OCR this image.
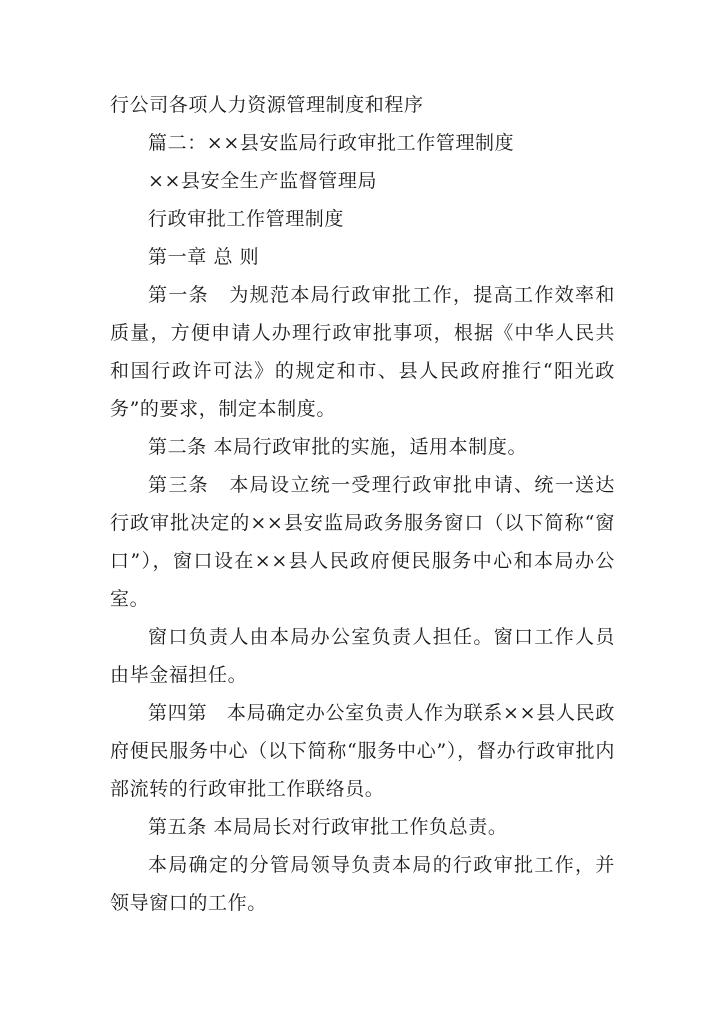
行公司各项人力资源管理制度和程序

篇二：××县安监局行政审批工作管理制度

××县安全生产监督管理局

行政审批工作管理制度

第一章 总 则

第一条　为规范本局行政审批工作，提高工作效率和质量，方便申请人办理行政审批事项，根据《中华人民共和国行政许可法》的规定和市、县人民政府推行“阳光政务”的要求，制定本制度。

第二条 本局行政审批的实施，适用本制度。

第三条　本局设立统一受理行政审批申请、统一送达行政审批决定的××县安监局政务服务窗口（以下简称“窗口”），窗口设在××县人民政府便民服务中心和本局办公室。

窗口负责人由本局办公室负责人担任。窗口工作人员由毕金福担任。

第四第　本局确定办公室负责人作为联系××县人民政府便民服务中心（以下简称“服务中心”），督办行政审批内部流转的行政审批工作联络员。

第五条 本局局长对行政审批工作负总责。

本局确定的分管局领导负责本局的行政审批工作，并领导窗口的工作。
